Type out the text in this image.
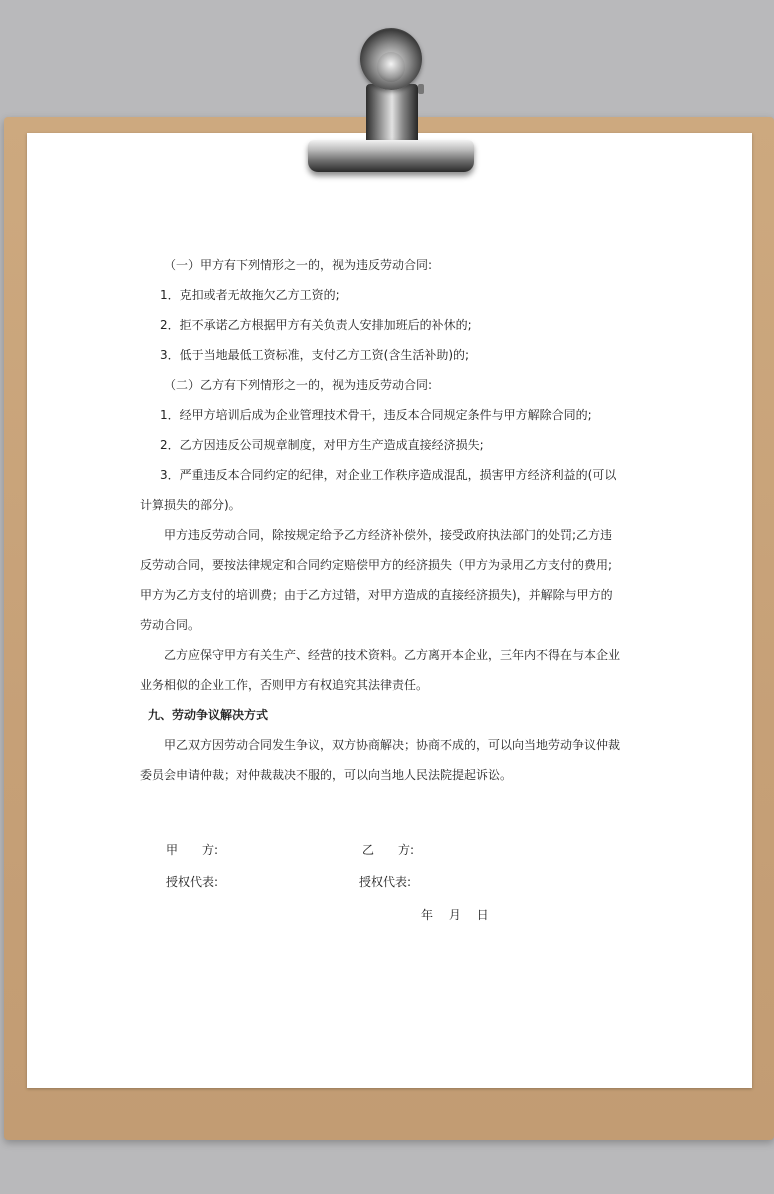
（一）甲方有下列情形之一的，视为违反劳动合同:

1．克扣或者无故拖欠乙方工资的;

2．拒不承诺乙方根据甲方有关负责人安排加班后的补休的;

3．低于当地最低工资标准，支付乙方工资(含生活补助)的;

（二）乙方有下列情形之一的，视为违反劳动合同:

1．经甲方培训后成为企业管理技术骨干，违反本合同规定条件与甲方解除合同的;

2．乙方因违反公司规章制度，对甲方生产造成直接经济损失;

3．严重违反本合同约定的纪律，对企业工作秩序造成混乱，损害甲方经济利益的(可以

计算损失的部分)。

甲方违反劳动合同，除按规定给予乙方经济补偿外，接受政府执法部门的处罚;乙方违

反劳动合同，要按法律规定和合同约定赔偿甲方的经济损失（甲方为录用乙方支付的费用;

甲方为乙方支付的培训费；由于乙方过错，对甲方造成的直接经济损失)，并解除与甲方的

劳动合同。

乙方应保守甲方有关生产、经营的技术资料。乙方离开本企业，三年内不得在与本企业

业务相似的企业工作，否则甲方有权追究其法律责任。

九、劳动争议解决方式

甲乙双方因劳动合同发生争议，双方协商解决；协商不成的，可以向当地劳动争议仲裁

委员会申请仲裁；对仲裁裁决不服的，可以向当地人民法院提起诉讼。

甲　　方:	乙　　方:
授权代表:	授权代表:
年　 月　 日
